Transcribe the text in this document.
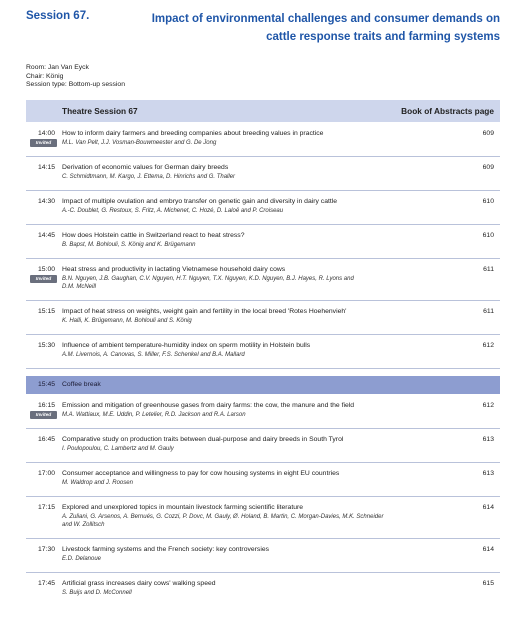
Session 67.	Impact of environmental challenges and consumer demands on cattle response traits and farming systems
Room: Jan Van Eyck
Chair: König
Session type: Bottom-up session
Theatre Session 67	Book of Abstracts page
14:00 How to inform dairy farmers and breeding companies about breeding values in practice
Invited	M.L. Van Pelt, J.J. Vosman-Bouwmeester and G. De Jong
609
14:15 Derivation of economic values for German dairy breeds
C. Schmidtmann, M. Kargo, J. Ettema, D. Hinrichs and G. Thaller
609
14:30 Impact of multiple ovulation and embryo transfer on genetic gain and diversity in dairy cattle
A.-C. Doublet, G. Restoux, S. Fritz, A. Michenet, C. Hozé, D. Laloë and P. Croiseau
610
14:45 How does Holstein cattle in Switzerland react to heat stress?
B. Bapst, M. Bohlouli, S. König and K. Brügemann
610
15:00 Heat stress and productivity in lactating Vietnamese household dairy cows
Invited	B.N. Nguyen, J.B. Gaughan, C.V. Nguyen, H.T. Nguyen, T.X. Nguyen, K.D. Nguyen, B.J. Hayes, R. Lyons and
D.M. McNeill
611
15:15 Impact of heat stress on weights, weight gain and fertility in the local breed 'Rotes Hoehenvieh'
K. Halli, K. Brügemann, M. Bohlouli and S. König
611
15:30 Influence of ambient temperature-humidity index on sperm motility in Holstein bulls
A.M. Livernois, A. Canovas, S. Miller, F.S. Schenkel and B.A. Mallard
612
15:45 Coffee break
16:15 Emission and mitigation of greenhouse gases from dairy farms: the cow, the manure and the field
Invited	M.A. Wattiaux, M.E. Uddin, P. Letelier, R.D. Jackson and R.A. Larson
612
16:45 Comparative study on production traits between dual-purpose and dairy breeds in South Tyrol
I. Poulopoulou, C. Lambertz and M. Gauly
613
17:00 Consumer acceptance and willingness to pay for cow housing systems in eight EU countries
M. Waldrop and J. Roosen
613
17:15 Explored and unexplored topics in mountain livestock farming scientific literature
A. Zuliani, G. Arsenos, A. Bernués, G. Cozzi, P. Dovc, M. Gauly, Ø. Holand, B. Martin, C. Morgan-Davies, M.K. Schneider
and W. Zollitsch
614
17:30 Livestock farming systems and the French society: key controversies
E.D. Delanoue
614
17:45 Artificial grass increases dairy cows' walking speed
S. Buijs and D. McConnell
615
